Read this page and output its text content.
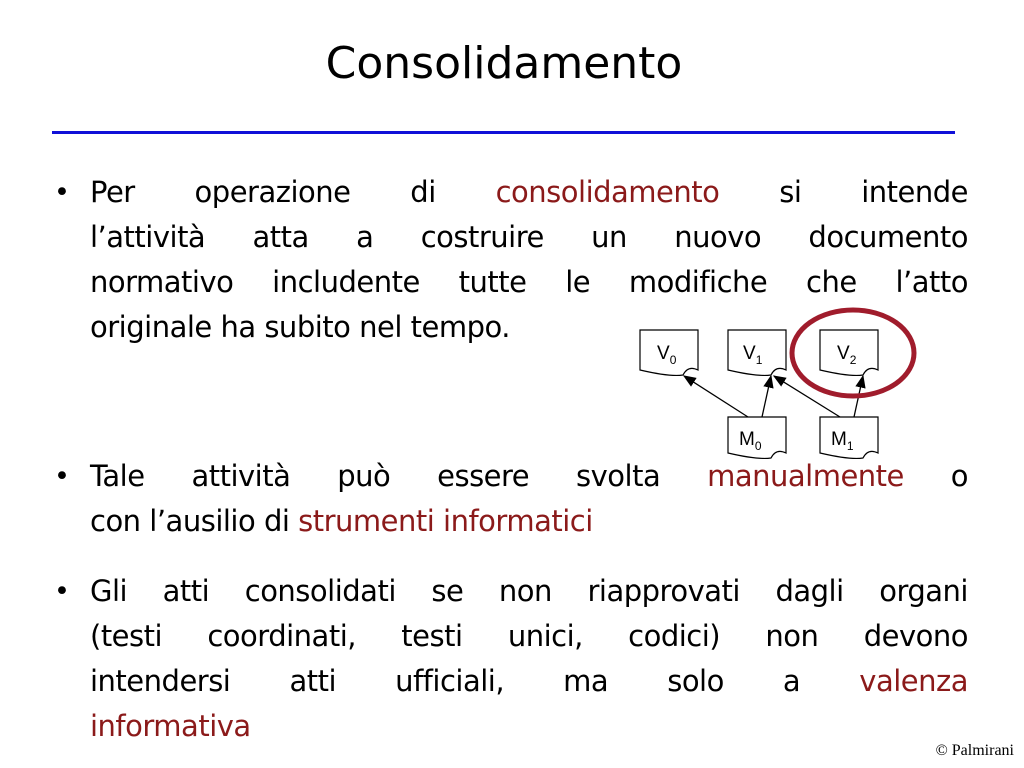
Consolidamento
• Per operazione di consolidamento si intende
l’attività atta a costruire un nuovo documento
normativo includente tutte le modifiche che l’atto
originale ha subito nel tempo.
• Tale attività può essere svolta manualmente o
con l’ausilio di strumenti informatici
• Gli atti consolidati se non riapprovati dagli organi
(testi coordinati, testi unici, codici) non devono
intendersi atti ufficiali, ma solo a valenza
informativa
$V_0$	$V_1$	$V_2$
$M_0$	$M_1$
© Palmirani
